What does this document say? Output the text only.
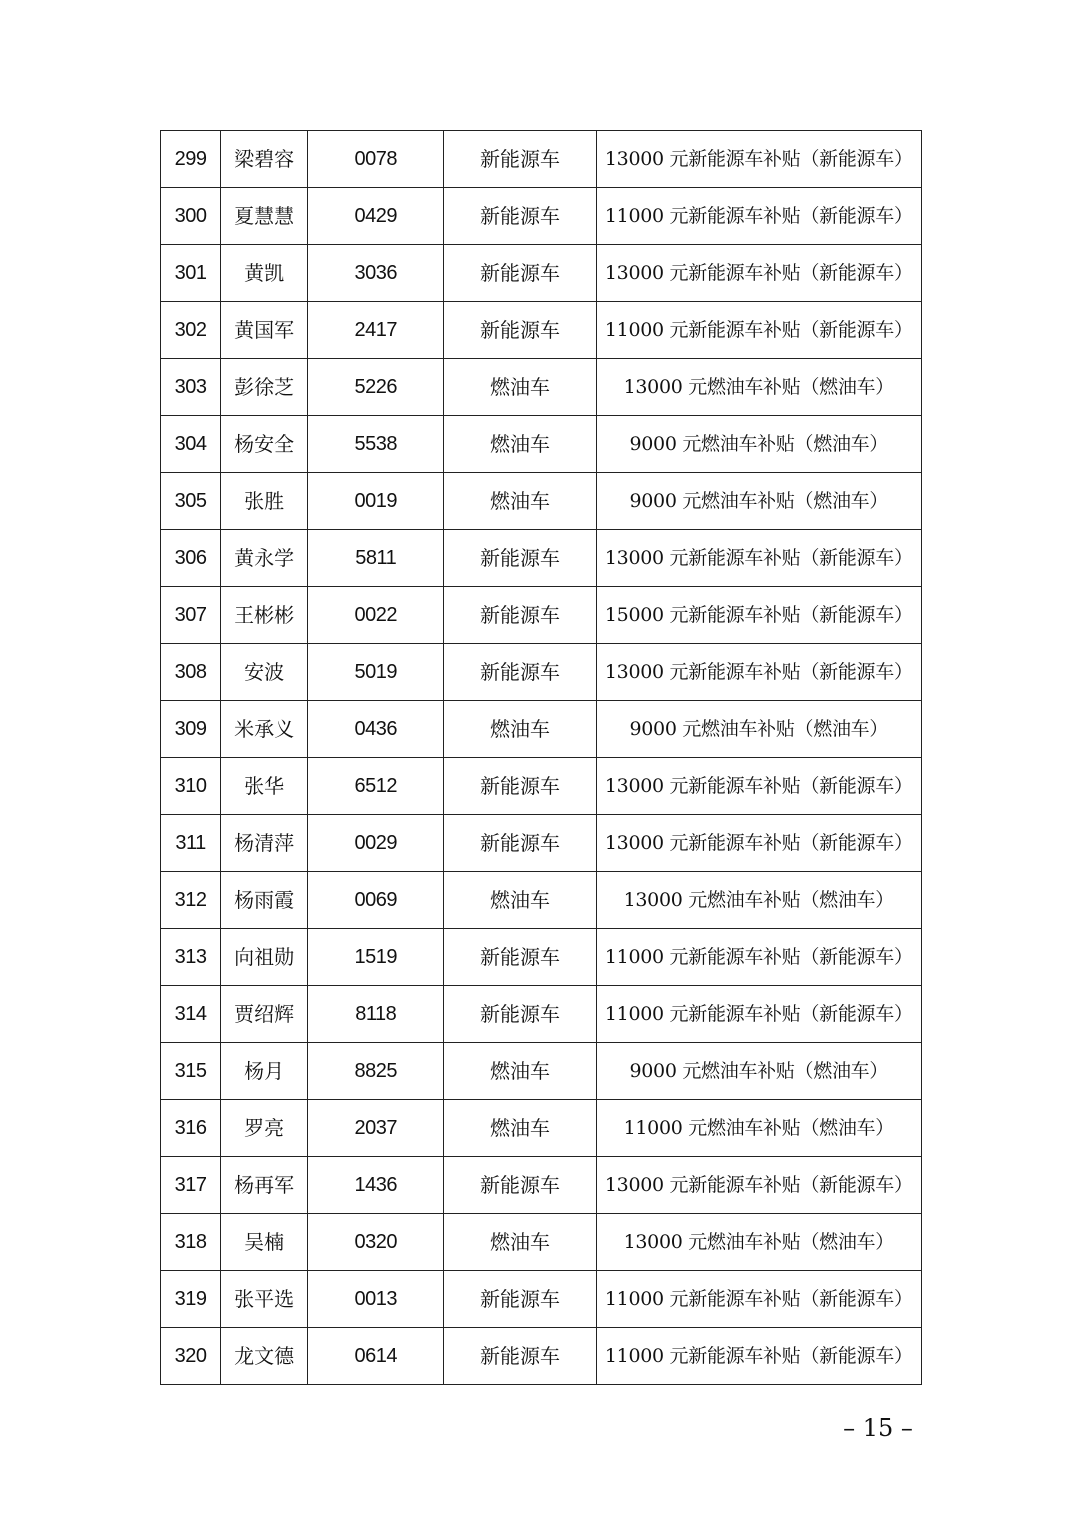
299	梁碧容	0078	新能源车	13000 元新能源车补贴（新能源车）
300	夏慧慧	0429	新能源车	11000 元新能源车补贴（新能源车）
301	黄凯	3036	新能源车	13000 元新能源车补贴（新能源车）
302	黄国军	2417	新能源车	11000 元新能源车补贴（新能源车）
303	彭徐芝	5226	燃油车	13000 元燃油车补贴（燃油车）
304	杨安全	5538	燃油车	9000 元燃油车补贴（燃油车）
305	张胜	0019	燃油车	9000 元燃油车补贴（燃油车）
306	黄永学	5811	新能源车	13000 元新能源车补贴（新能源车）
307	王彬彬	0022	新能源车	15000 元新能源车补贴（新能源车）
308	安波	5019	新能源车	13000 元新能源车补贴（新能源车）
309	米承义	0436	燃油车	9000 元燃油车补贴（燃油车）
310	张华	6512	新能源车	13000 元新能源车补贴（新能源车）
311	杨清萍	0029	新能源车	13000 元新能源车补贴（新能源车）
312	杨雨霞	0069	燃油车	13000 元燃油车补贴（燃油车）
313	向祖勋	1519	新能源车	11000 元新能源车补贴（新能源车）
314	贾绍辉	8118	新能源车	11000 元新能源车补贴（新能源车）
315	杨月	8825	燃油车	9000 元燃油车补贴（燃油车）
316	罗亮	2037	燃油车	11000 元燃油车补贴（燃油车）
317	杨再军	1436	新能源车	13000 元新能源车补贴（新能源车）
318	吴楠	0320	燃油车	13000 元燃油车补贴（燃油车）
319	张平选	0013	新能源车	11000 元新能源车补贴（新能源车）
320	龙文德	0614	新能源车	11000 元新能源车补贴（新能源车）
– 15 –
